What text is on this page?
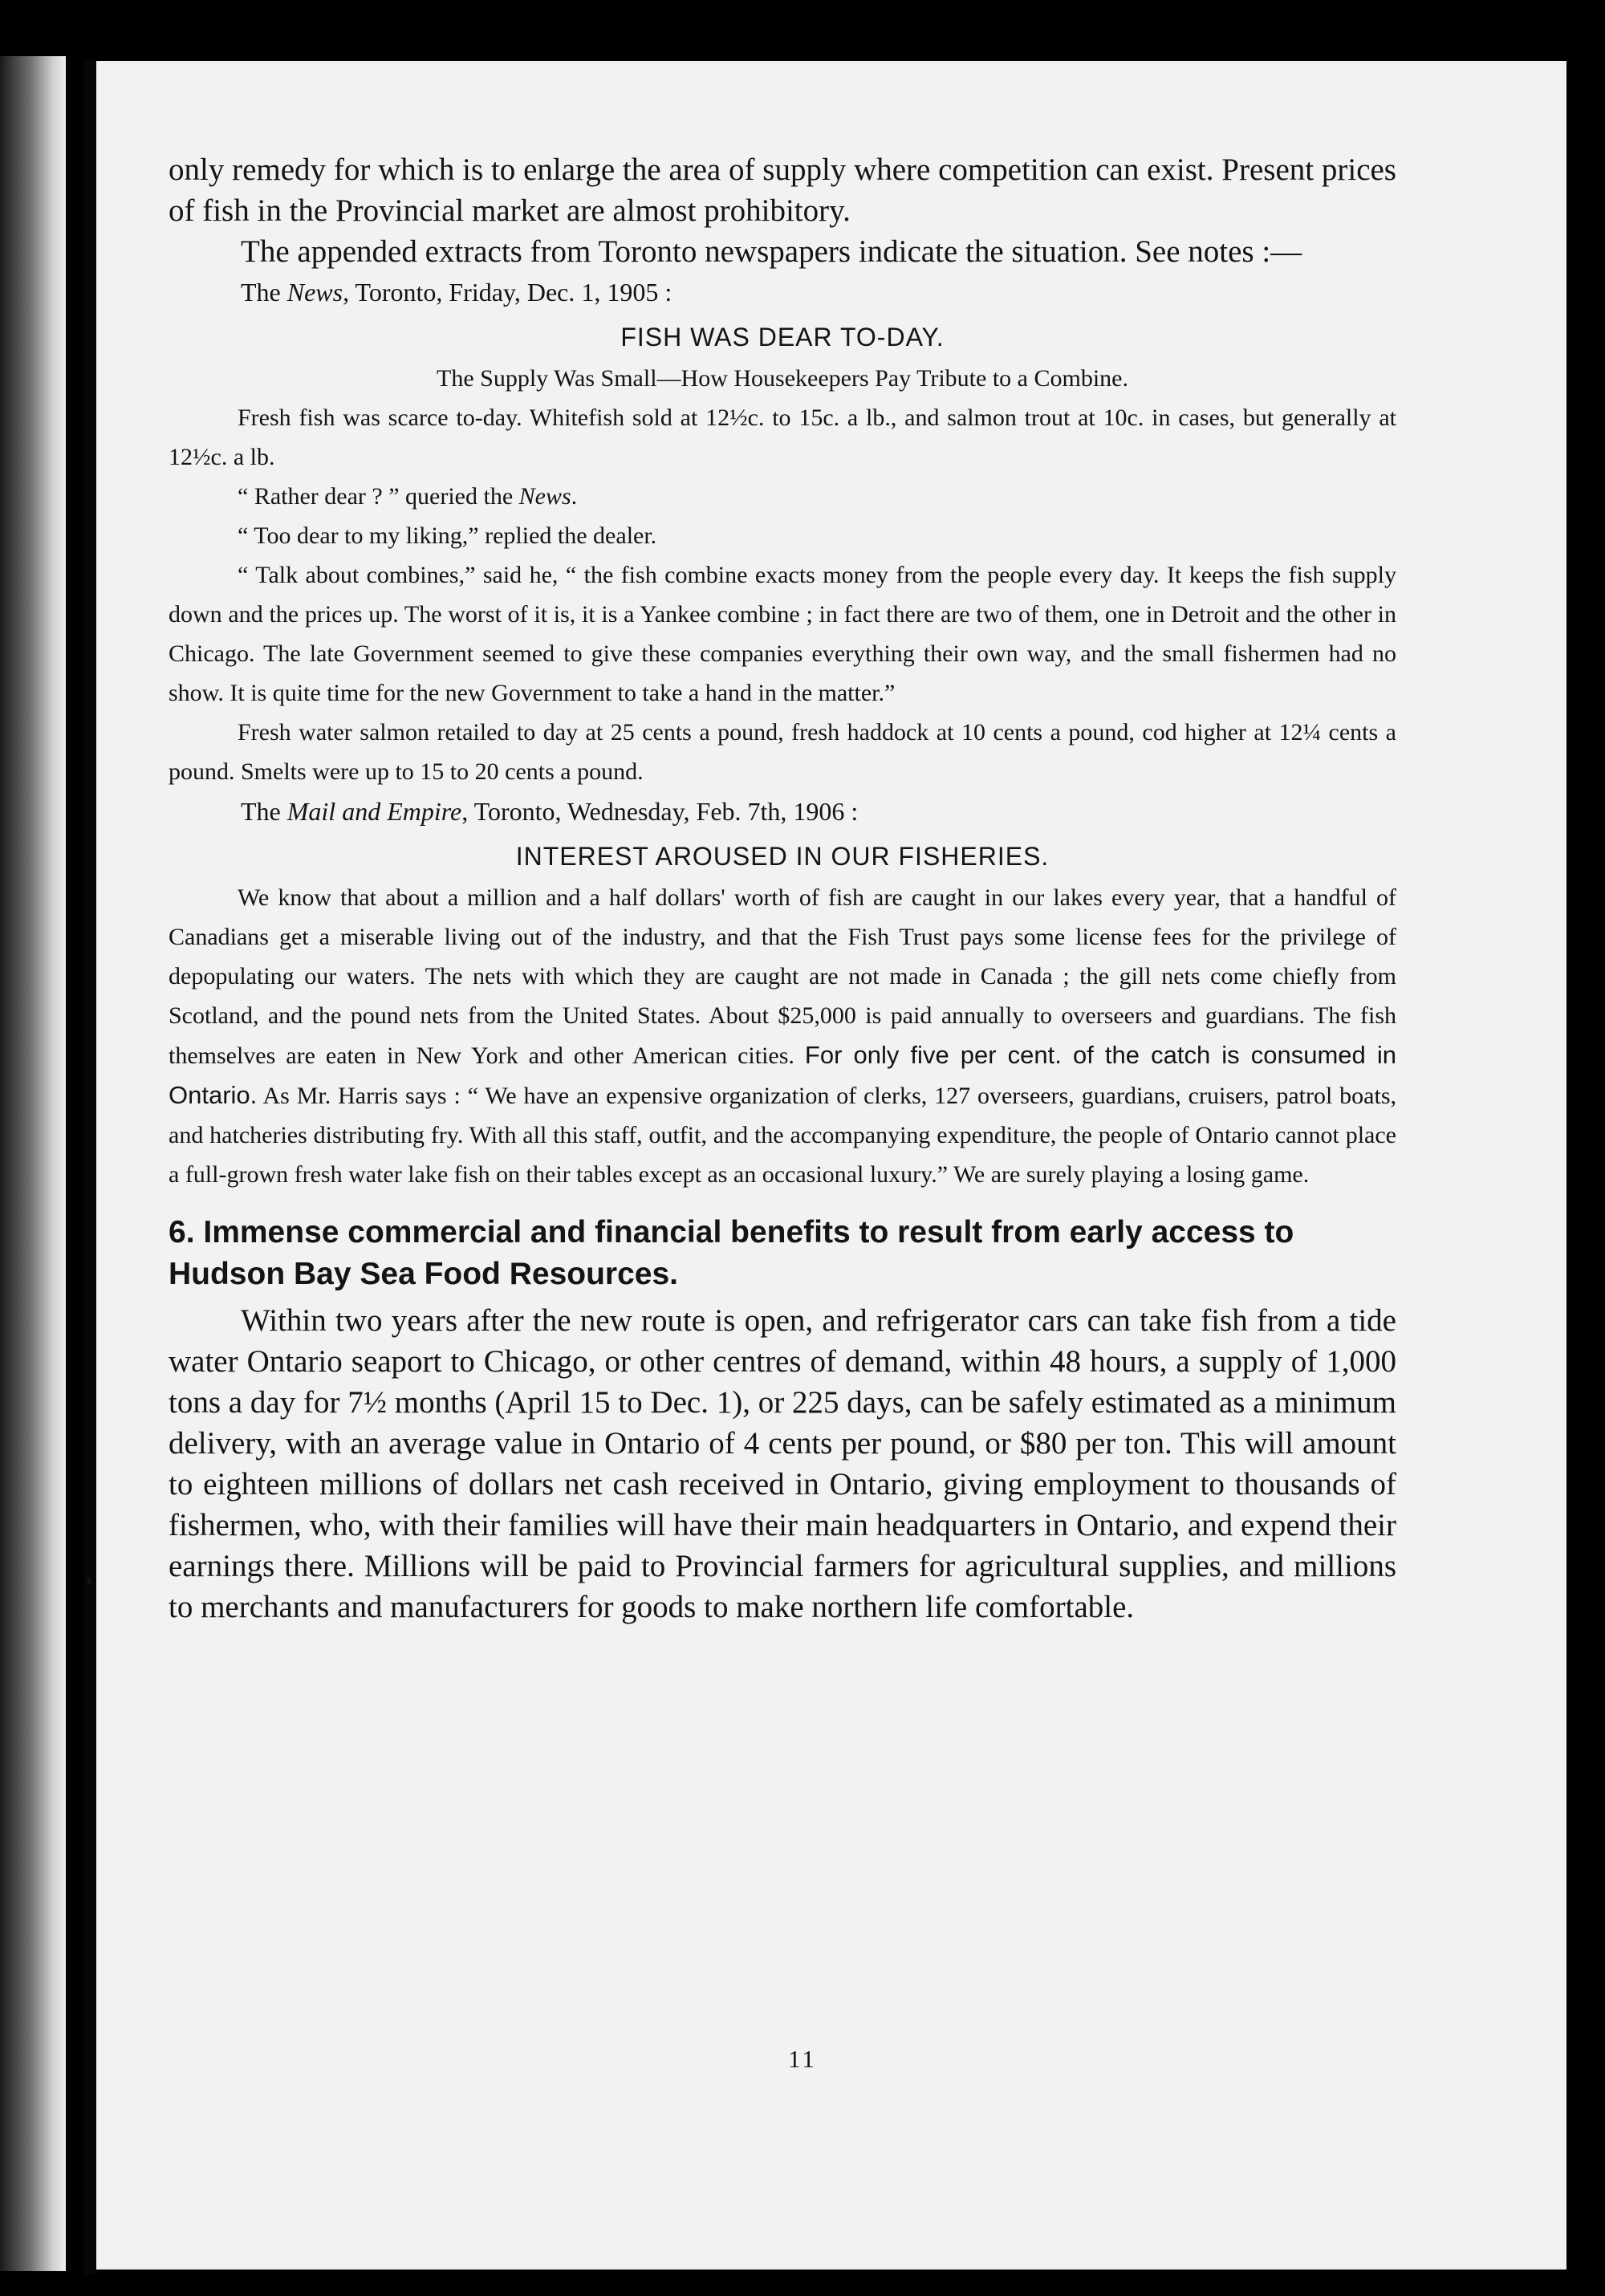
only remedy for which is to enlarge the area of supply where competition can exist. Present prices of fish in the Provincial market are almost prohibitory.

The appended extracts from Toronto newspapers indicate the situation. See notes :—

The News, Toronto, Friday, Dec. 1, 1905 :

FISH WAS DEAR TO-DAY.

The Supply Was Small—How Housekeepers Pay Tribute to a Combine.

Fresh fish was scarce to-day. Whitefish sold at 12½c. to 15c. a lb., and salmon trout at 10c. in cases, but generally at 12½c. a lb.

“ Rather dear ? ” queried the News.

“ Too dear to my liking,” replied the dealer.

“ Talk about combines,” said he, “ the fish combine exacts money from the people every day. It keeps the fish supply down and the prices up. The worst of it is, it is a Yankee combine ; in fact there are two of them, one in Detroit and the other in Chicago. The late Government seemed to give these companies everything their own way, and the small fishermen had no show. It is quite time for the new Government to take a hand in the matter.”

Fresh water salmon retailed to day at 25 cents a pound, fresh haddock at 10 cents a pound, cod higher at 12¼ cents a pound. Smelts were up to 15 to 20 cents a pound.

The Mail and Empire, Toronto, Wednesday, Feb. 7th, 1906 :

INTEREST AROUSED IN OUR FISHERIES.

We know that about a million and a half dollars' worth of fish are caught in our lakes every year, that a handful of Canadians get a miserable living out of the industry, and that the Fish Trust pays some license fees for the privilege of depopulating our waters. The nets with which they are caught are not made in Canada ; the gill nets come chiefly from Scotland, and the pound nets from the United States. About $25,000 is paid annually to overseers and guardians. The fish themselves are eaten in New York and other American cities. For only five per cent. of the catch is consumed in Ontario. As Mr. Harris says : “ We have an expensive organization of clerks, 127 overseers, guardians, cruisers, patrol boats, and hatcheries distributing fry. With all this staff, outfit, and the accompanying expenditure, the people of Ontario cannot place a full-grown fresh water lake fish on their tables except as an occasional luxury.” We are surely playing a losing game.

6. Immense commercial and financial benefits to result from early access to Hudson Bay Sea Food Resources.

Within two years after the new route is open, and refrigerator cars can take fish from a tide water Ontario seaport to Chicago, or other centres of demand, within 48 hours, a supply of 1,000 tons a day for 7½ months (April 15 to Dec. 1), or 225 days, can be safely estimated as a minimum delivery, with an average value in Ontario of 4 cents per pound, or $80 per ton. This will amount to eighteen millions of dollars net cash received in Ontario, giving employment to thousands of fishermen, who, with their families will have their main headquarters in Ontario, and expend their earnings there. Millions will be paid to Provincial farmers for agricultural supplies, and millions to merchants and manufacturers for goods to make northern life comfortable.

11
